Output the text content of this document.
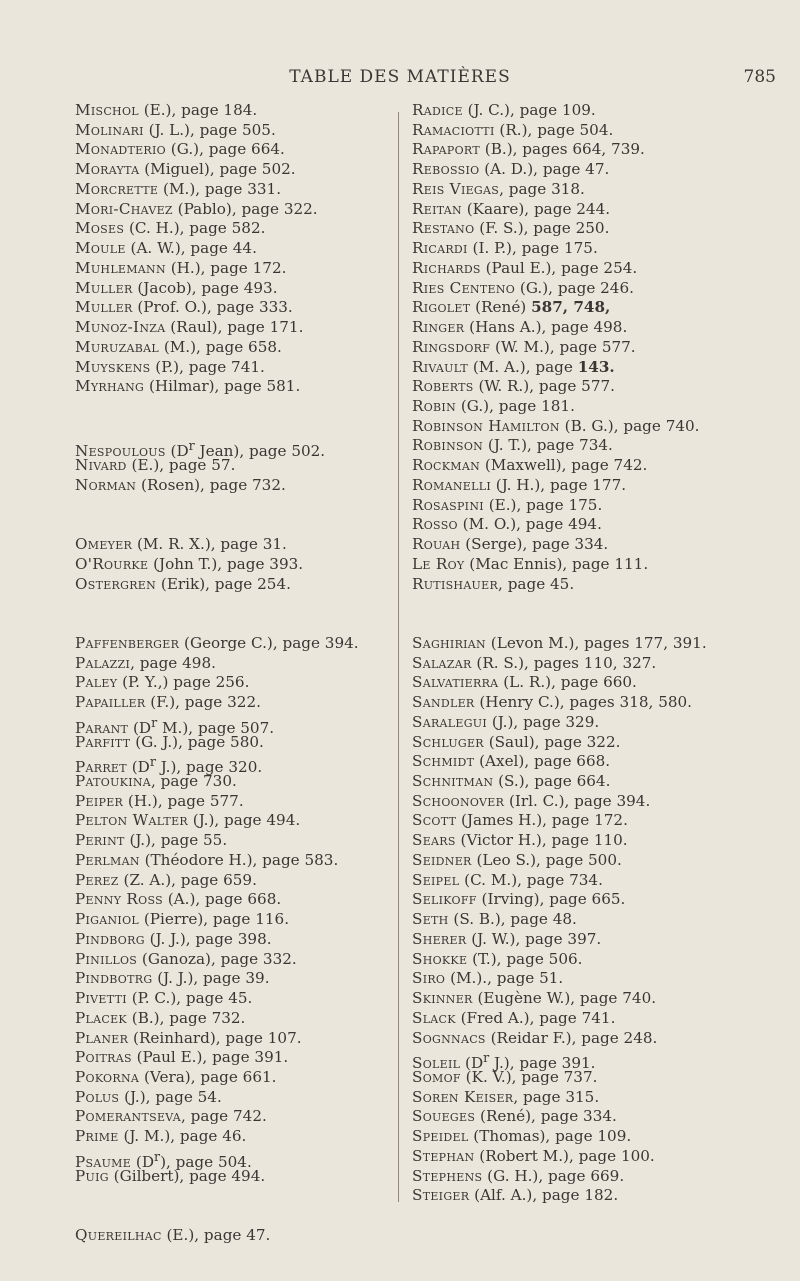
TABLE DES MATIÈRES	785
Mischol (E.), page 184.
Molinari (J. L.), page 505.
Monadterio (G.), page 664.
Morayta (Miguel), page 502.
Morcrette (M.), page 331.
Mori-Chavez (Pablo), page 322.
Moses (C. H.), page 582.
Moule (A. W.), page 44.
Muhlemann (H.), page 172.
Muller (Jacob), page 493.
Muller (Prof. O.), page 333.
Munoz-Inza (Raul), page 171.
Muruzabal (M.), page 658.
Muyskens (P.), page 741.
Myrhang (Hilmar), page 581.
Nespoulous ($D^r$ Jean), page 502.
Nivard (E.), page 57.
Norman (Rosen), page 732.
Omeyer (M. R. X.), page 31.
O'Rourke (John T.), page 393.
Ostergren (Erik), page 254.
Paffenberger (George C.), page 394.
Palazzi, page 498.
Paley (P. Y.,) page 256.
Papailler (F.), page 322.
Parant ($D^r$ M.), page 507.
Parfitt (G. J.), page 580.
Parret ($D^r$ J.), page 320.
Patoukina, page 730.
Peiper (H.), page 577.
Pelton Walter (J.), page 494.
Perint (J.), page 55.
Perlman (Théodore H.), page 583.
Perez (Z. A.), page 659.
Penny Ross (A.), page 668.
Piganiol (Pierre), page 116.
Pindborg (J. J.), page 398.
Pinillos (Ganoza), page 332.
Pindbotrg (J. J.), page 39.
Pivetti (P. C.), page 45.
Placek (B.), page 732.
Planer (Reinhard), page 107.
Poitras (Paul E.), page 391.
Pokorna (Vera), page 661.
Polus (J.), page 54.
Pomerantseva, page 742.
Prime (J. M.), page 46.
Psaume $(D^r)$, page 504.
Puig (Gilbert), page 494.
Quereilhac (E.), page 47.
Radice (J. C.), page 109.
Ramaciotti (R.), page 504.
Rapaport (B.), pages 664, 739.
Rebossio (A. D.), page 47.
Reis Viegas, page 318.
Reitan (Kaare), page 244.
Restano (F. S.), page 250.
Ricardi (I. P.), page 175.
Richards (Paul E.), page 254.
Ries Centeno (G.), page 246.
Rigolet (René) 587, 748,
Ringer (Hans A.), page 498.
Ringsdorf (W. M.), page 577.
Rivault (M. A.), page 143.
Roberts (W. R.), page 577.
Robin (G.), page 181.
Robinson Hamilton (B. G.), page 740.
Robinson (J. T.), page 734.
Rockman (Maxwell), page 742.
Romanelli (J. H.), page 177.
Rosaspini (E.), page 175.
Rosso (M. O.), page 494.
Rouah (Serge), page 334.
Le Roy (Mac Ennis), page 111.
Rutishauer, page 45.
Saghirian (Levon M.), pages 177, 391.
Salazar (R. S.), pages 110, 327.
Salvatierra (L. R.), page 660.
Sandler (Henry C.), pages 318, 580.
Saralegui (J.), page 329.
Schluger (Saul), page 322.
Schmidt (Axel), page 668.
Schnitman (S.), page 664.
Schoonover (Irl. C.), page 394.
Scott (James H.), page 172.
Sears (Victor H.), page 110.
Seidner (Leo S.), page 500.
Seipel (C. M.), page 734.
Selikoff (Irving), page 665.
Seth (S. B.), page 48.
Sherer (J. W.), page 397.
Shokke (T.), page 506.
Siro (M.)., page 51.
Skinner (Eugène W.), page 740.
Slack (Fred A.), page 741.
Sognnacs (Reidar F.), page 248.
Soleil ($D^r$ J.), page 391.
Somof (K. V.), page 737.
Soren Keiser, page 315.
Soueges (René), page 334.
Speidel (Thomas), page 109.
Stephan (Robert M.), page 100.
Stephens (G. H.), page 669.
Steiger (Alf. A.), page 182.
